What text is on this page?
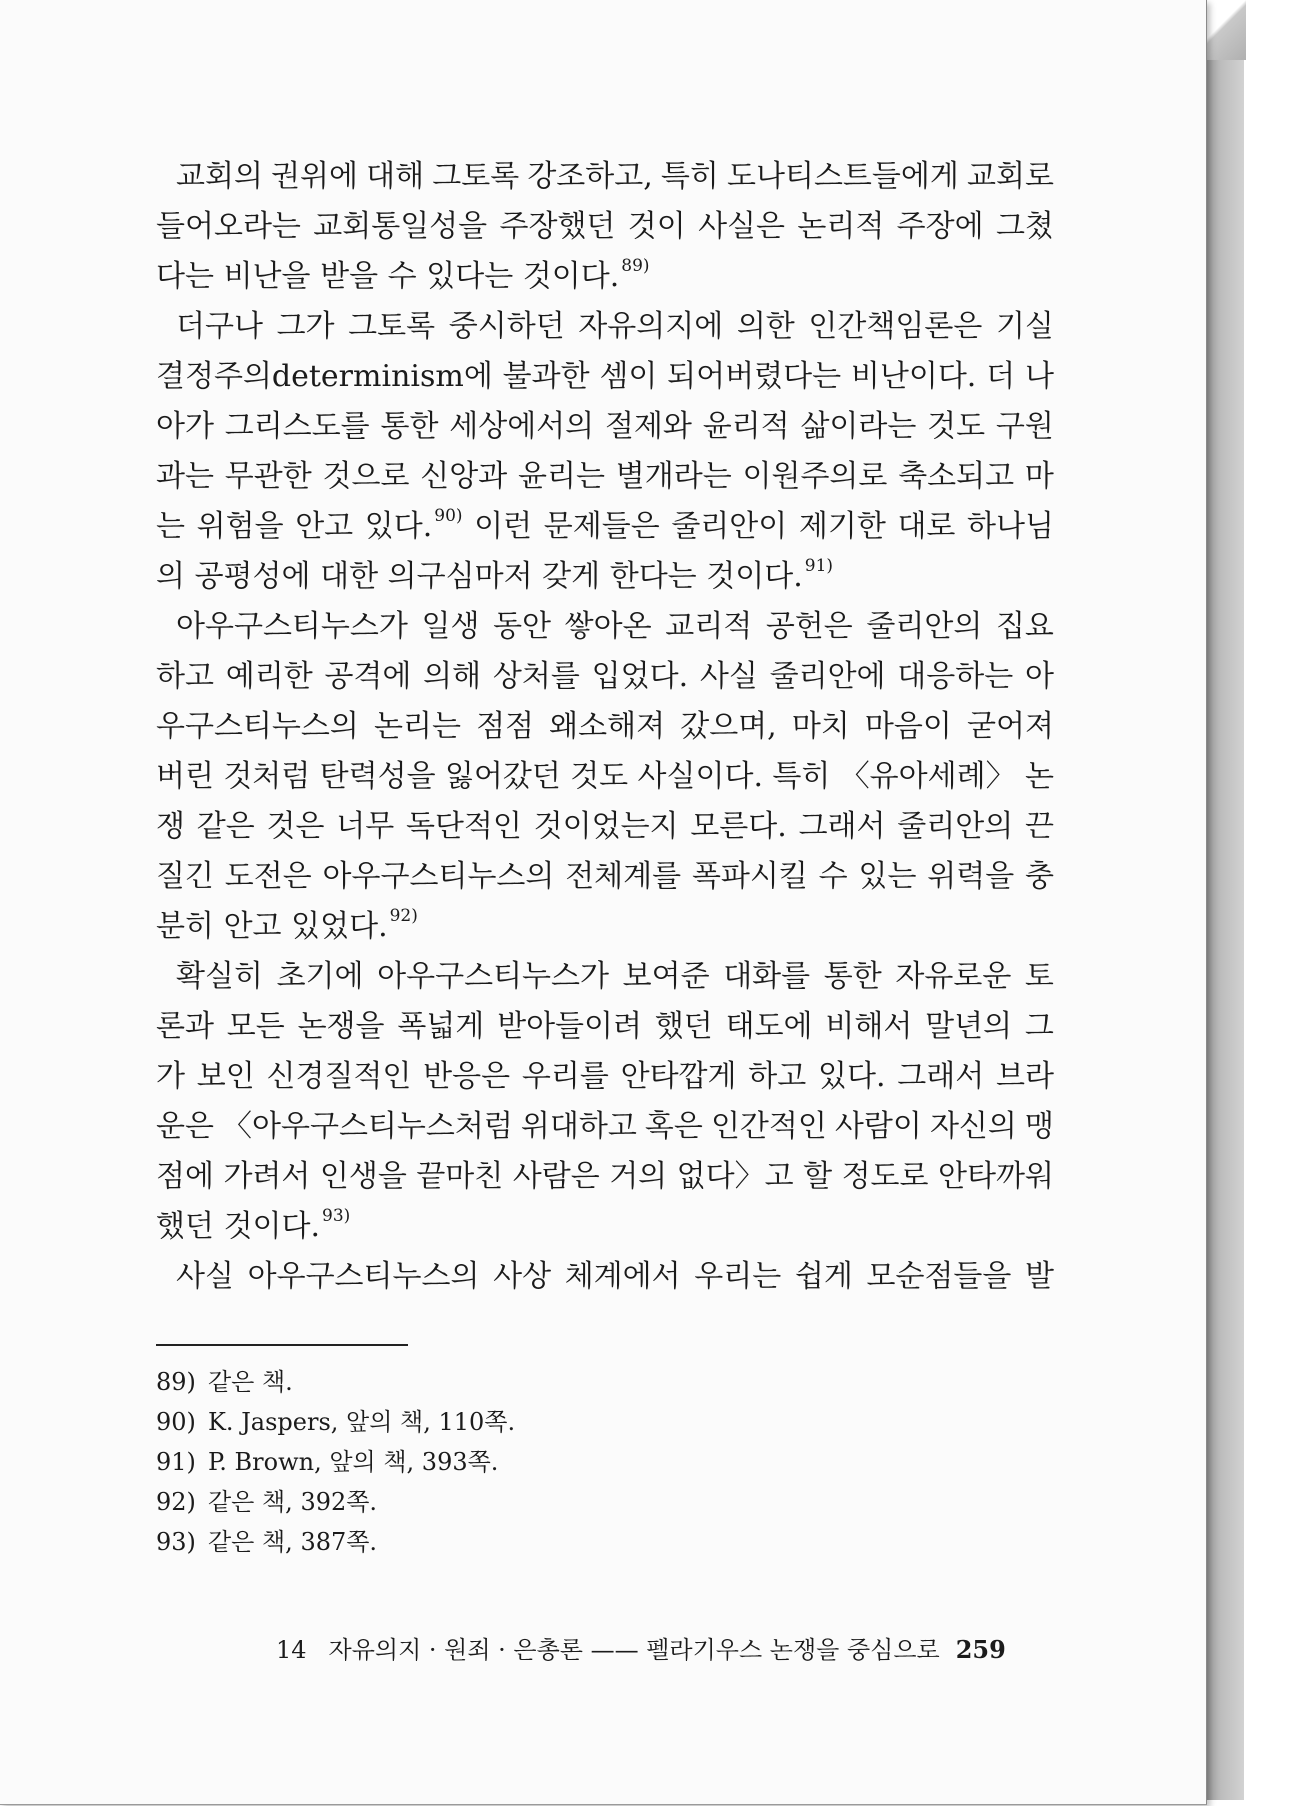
교회의 권위에 대해 그토록 강조하고, 특히 도나티스트들에게 교회로
들어오라는 교회통일성을 주장했던 것이 사실은 논리적 주장에 그쳤
다는 비난을 받을 수 있다는 것이다. $^{89)}$
더구나 그가 그토록 중시하던 자유의지에 의한 인간책임론은 기실
결정주의determinism에 불과한 셈이 되어버렸다는 비난이다. 더 나
아가 그리스도를 통한 세상에서의 절제와 윤리적 삶이라는 것도 구원
과는 무관한 것으로 신앙과 윤리는 별개라는 이원주의로 축소되고 마
는 위험을 안고 있다. $^{90)}$ 이런 문제들은 줄리안이 제기한 대로 하나님
의 공평성에 대한 의구심마저 갖게 한다는 것이다. $^{91)}$
아우구스티누스가 일생 동안 쌓아온 교리적 공헌은 줄리안의 집요
하고 예리한 공격에 의해 상처를 입었다. 사실 줄리안에 대응하는 아
우구스티누스의 논리는 점점 왜소해져 갔으며, 마치 마음이 굳어져
버린 것처럼 탄력성을 잃어갔던 것도 사실이다. 특히 〈유아세례〉 논
쟁 같은 것은 너무 독단적인 것이었는지 모른다. 그래서 줄리안의 끈
질긴 도전은 아우구스티누스의 전체계를 폭파시킬 수 있는 위력을 충
분히 안고 있었다. $^{92)}$
확실히 초기에 아우구스티누스가 보여준 대화를 통한 자유로운 토
론과 모든 논쟁을 폭넓게 받아들이려 했던 태도에 비해서 말년의 그
가 보인 신경질적인 반응은 우리를 안타깝게 하고 있다. 그래서 브라
운은 〈아우구스티누스처럼 위대하고 혹은 인간적인 사람이 자신의 맹
점에 가려서 인생을 끝마친 사람은 거의 없다〉고 할 정도로 안타까워
했던 것이다. $^{93)}$
사실 아우구스티누스의 사상 체계에서 우리는 쉽게 모순점들을 발
89) 같은 책.
90) K. Jaspers, 앞의 책, 110쪽.
91) P. Brown, 앞의 책, 393쪽.
92) 같은 책, 392쪽.
93) 같은 책, 387쪽.
14 자유의지 · 원죄 · 은총론 —— 펠라기우스 논쟁을 중심으로 259
